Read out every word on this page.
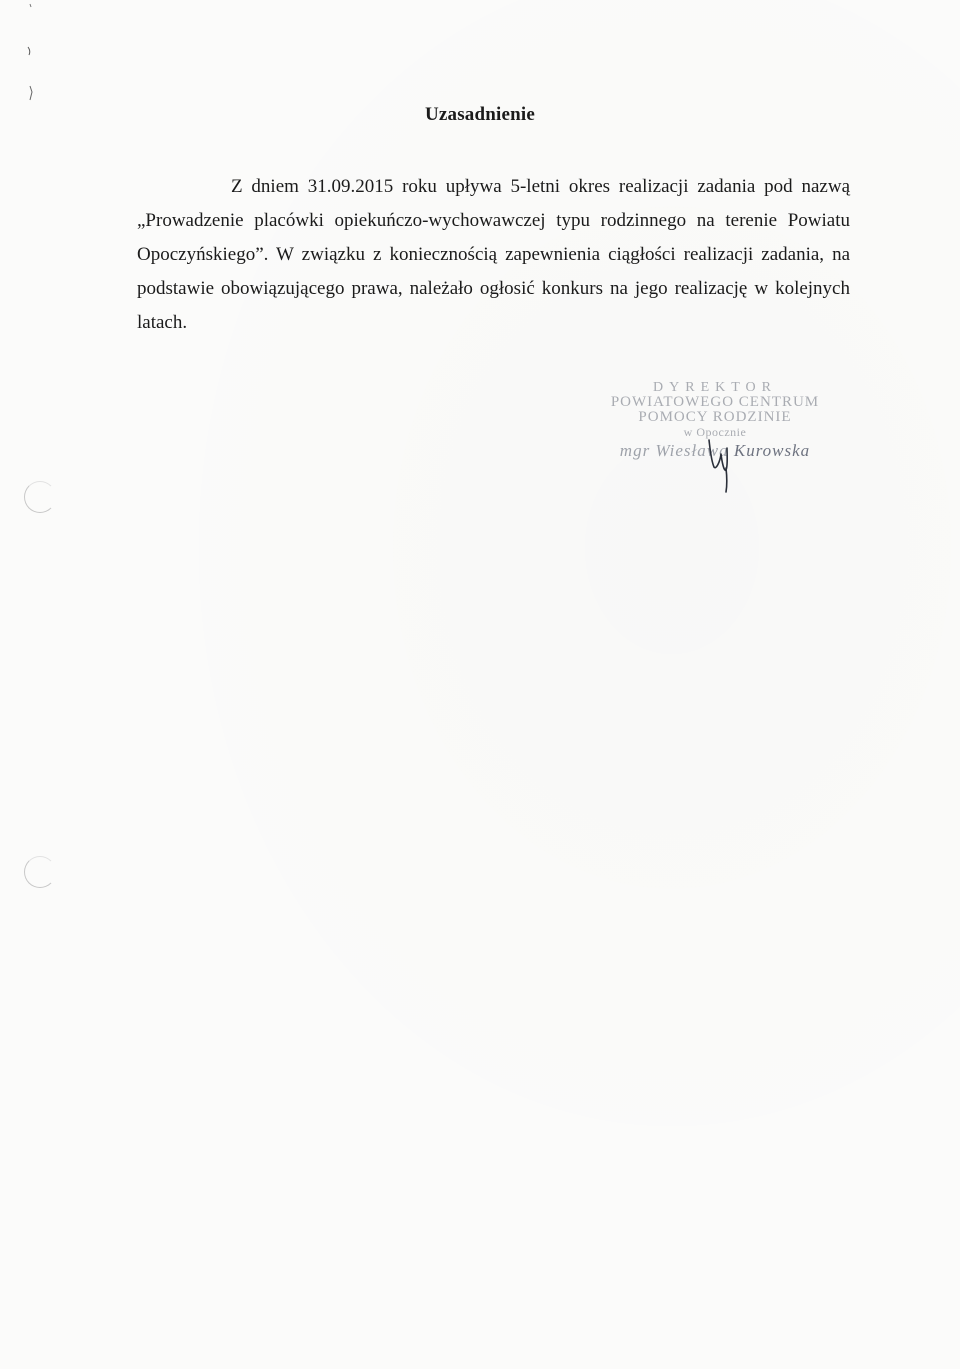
Uzasadnienie

Z dniem 31.09.2015 roku upływa 5-letni okres realizacji zadania pod nazwą „Prowadzenie placówki opiekuńczo-wychowawczej typu rodzinnego na terenie Powiatu Opoczyńskiego”. W związku z koniecznością zapewnienia ciągłości realizacji zadania, na podstawie obowiązującego prawa, należało ogłosić konkurs na jego realizację w kolejnych latach.

DYREKTOR
POWIATOWEGO CENTRUM
POMOCY RODZINIE
w Opocznie
mgr Wiesława Kurowska
